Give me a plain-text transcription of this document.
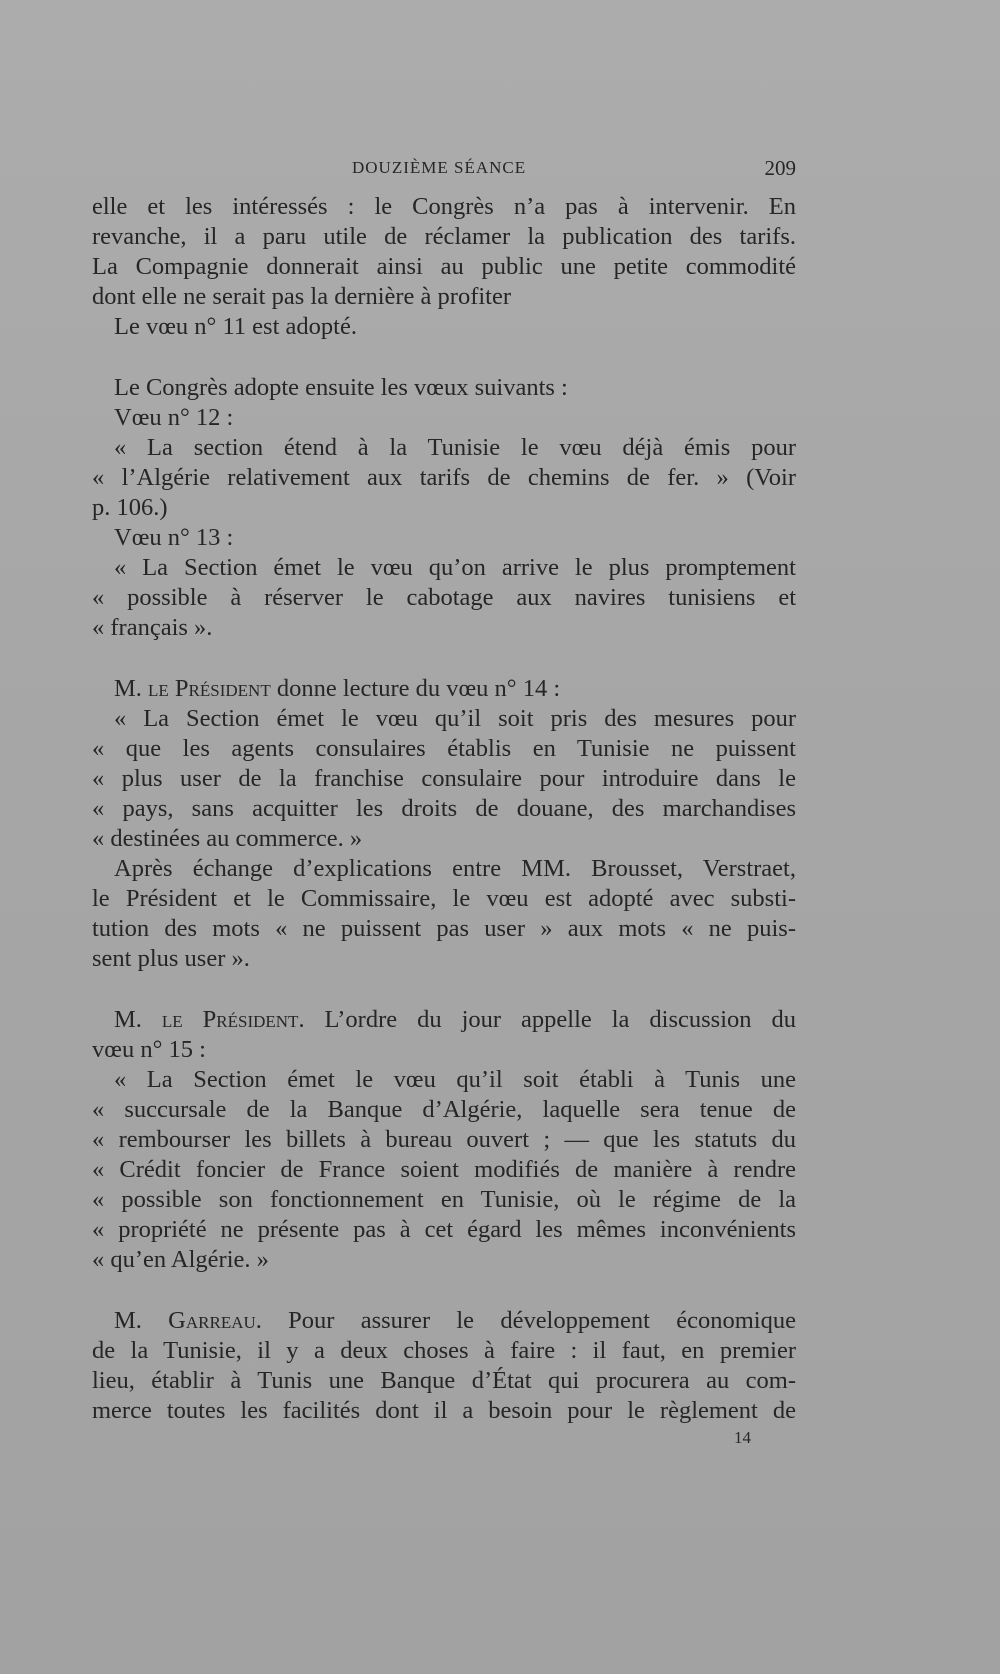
DOUZIÈME SÉANCE	209

elle et les intéressés : le Congrès n’a pas à intervenir. En

revanche, il a paru utile de réclamer la publication des tarifs.

La Compagnie donnerait ainsi au public une petite commodité

dont elle ne serait pas la dernière à profiter

Le vœu n° 11 est adopté.

Le Congrès adopte ensuite les vœux suivants :

Vœu n° 12 :

« La section étend à la Tunisie le vœu déjà émis pour

« l’Algérie relativement aux tarifs de chemins de fer. » (Voir

p. 106.)

Vœu n° 13 :

« La Section émet le vœu qu’on arrive le plus promptement

« possible à réserver le cabotage aux navires tunisiens et

« français ».

M. le Président donne lecture du vœu n° 14 :

« La Section émet le vœu qu’il soit pris des mesures pour

« que les agents consulaires établis en Tunisie ne puissent

« plus user de la franchise consulaire pour introduire dans le

« pays, sans acquitter les droits de douane, des marchandises

« destinées au commerce. »

Après échange d’explications entre MM. Brousset, Verstraet,

le Président et le Commissaire, le vœu est adopté avec substi-

tution des mots « ne puissent pas user » aux mots « ne puis-

sent plus user ».

M. le Président. L’ordre du jour appelle la discussion du

vœu n° 15 :

« La Section émet le vœu qu’il soit établi à Tunis une

« succursale de la Banque d’Algérie, laquelle sera tenue de

« rembourser les billets à bureau ouvert ; — que les statuts du

« Crédit foncier de France soient modifiés de manière à rendre

« possible son fonctionnement en Tunisie, où le régime de la

« propriété ne présente pas à cet égard les mêmes inconvénients

« qu’en Algérie. »

M. Garreau. Pour assurer le développement économique

de la Tunisie, il y a deux choses à faire : il faut, en premier

lieu, établir à Tunis une Banque d’État qui procurera au com-

merce toutes les facilités dont il a besoin pour le règlement de

14
